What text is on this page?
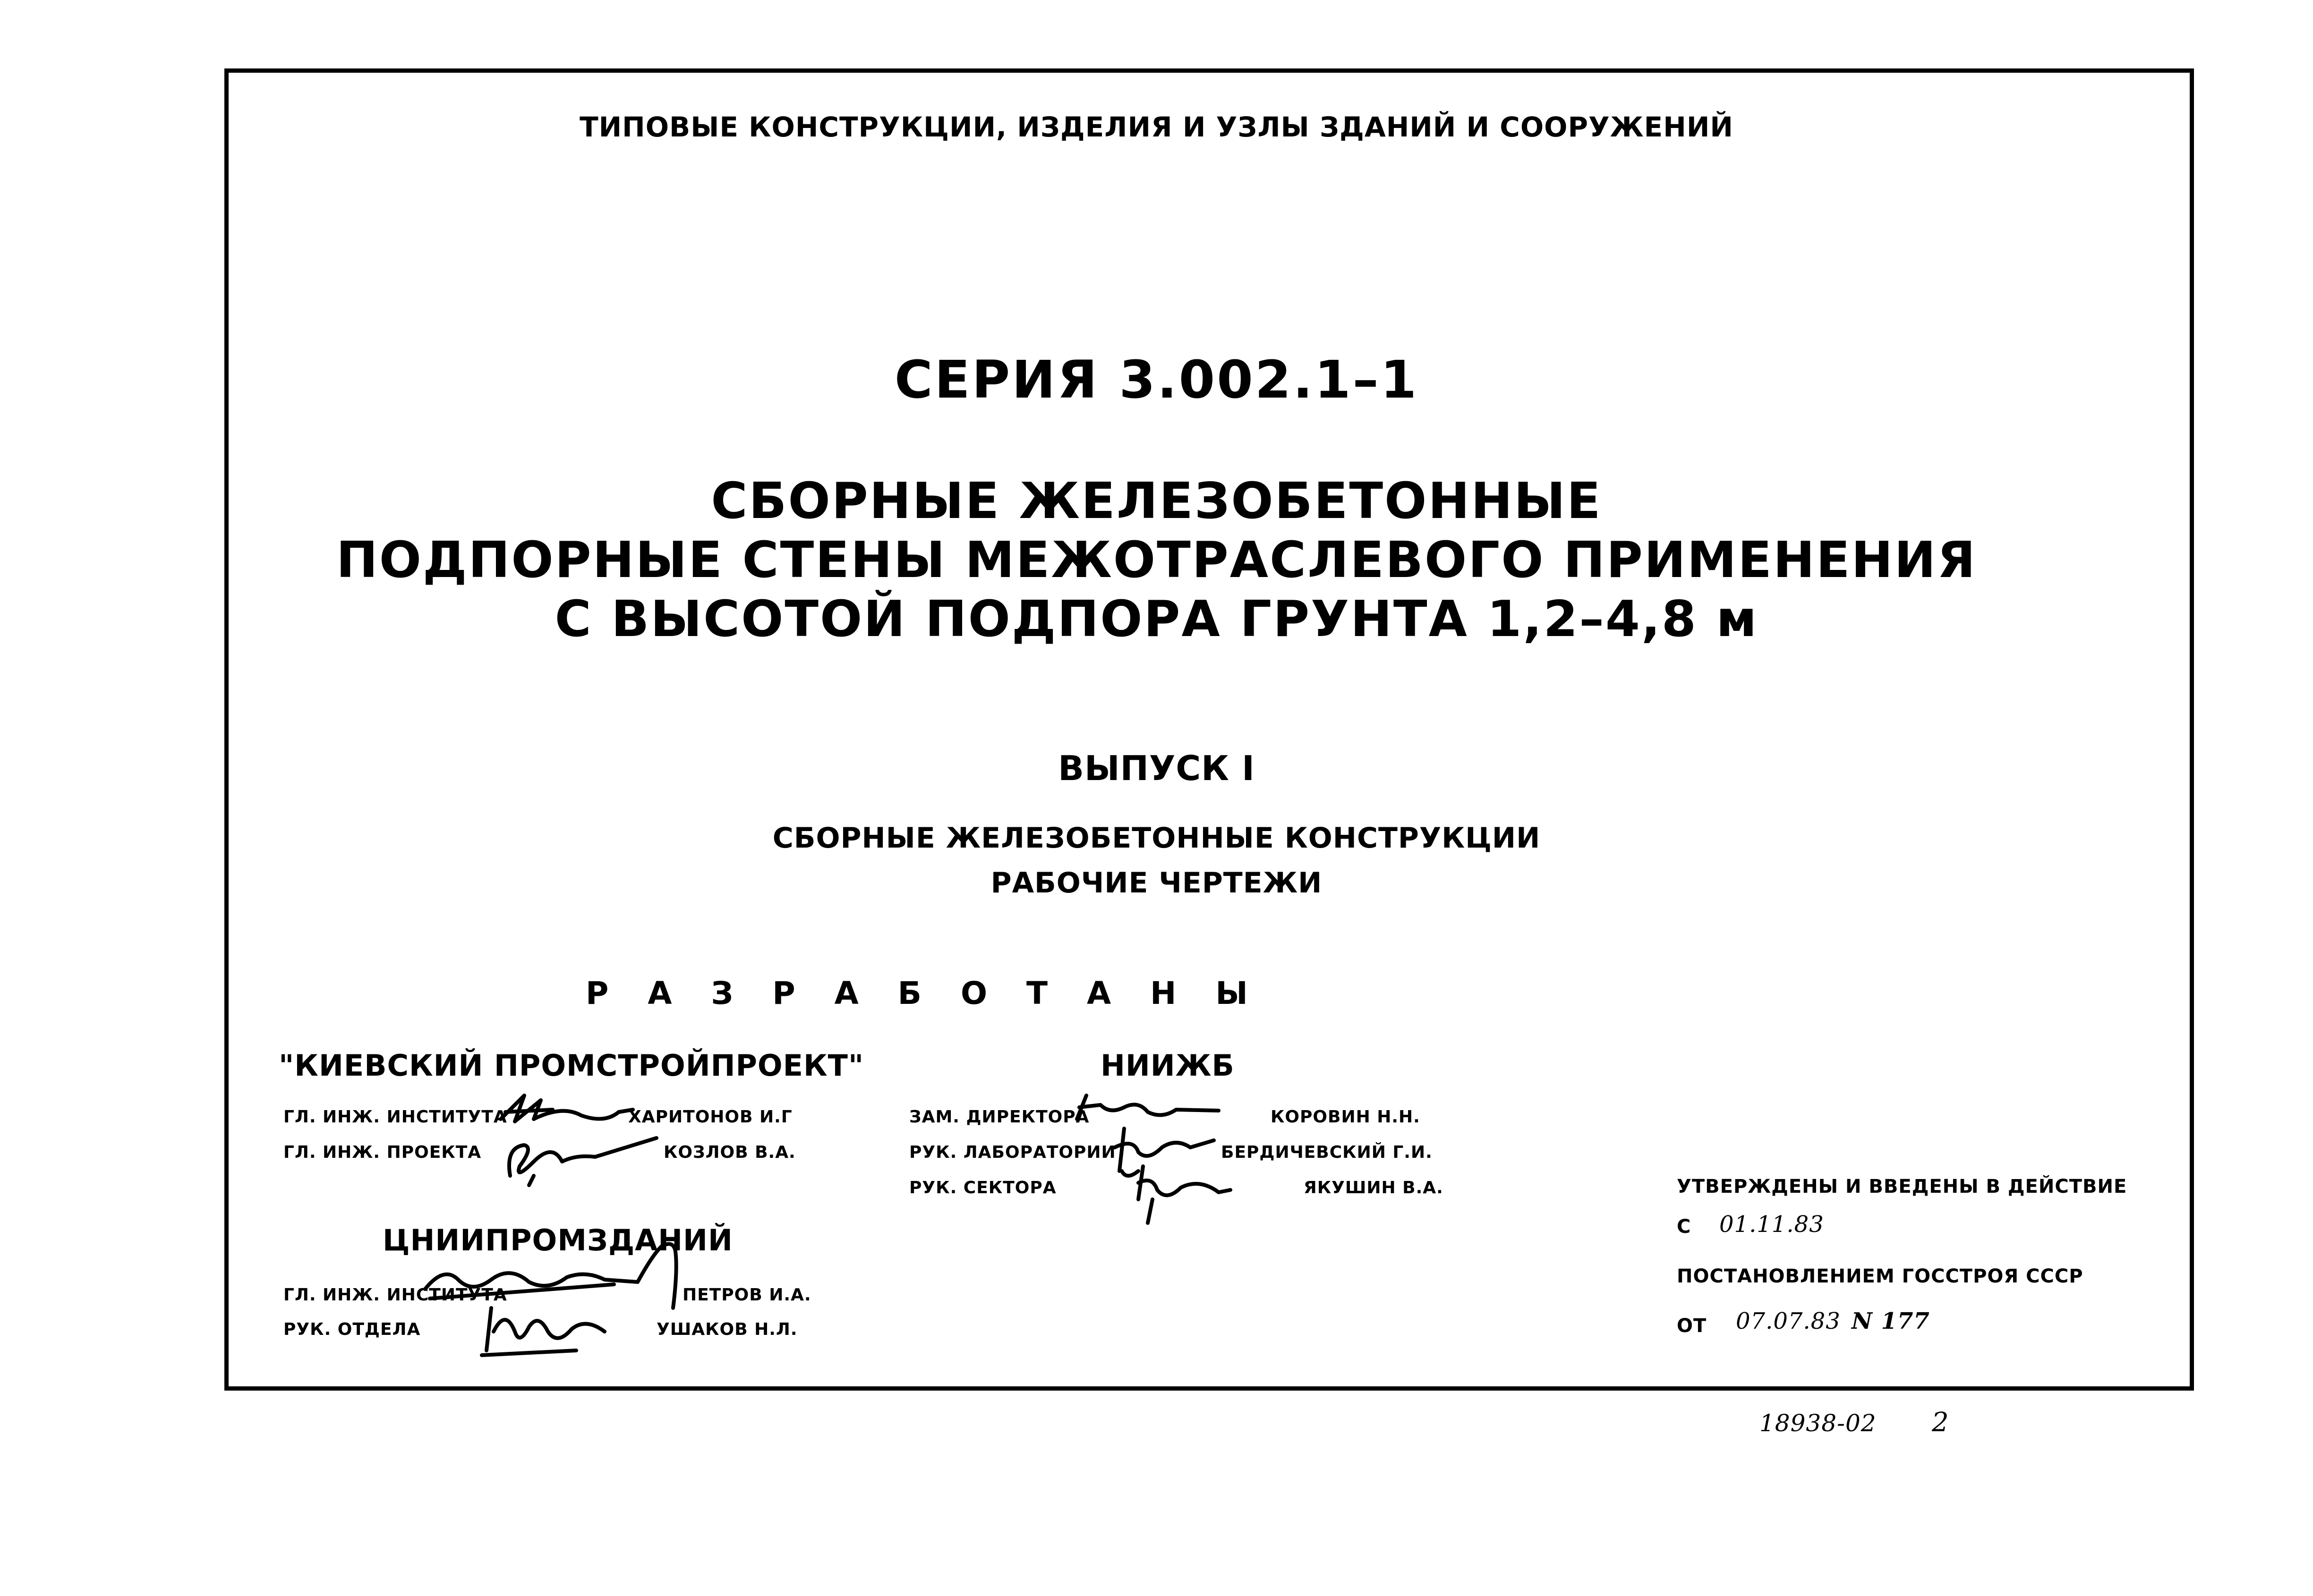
ТИПОВЫЕ КОНСТРУКЦИИ, ИЗДЕЛИЯ И УЗЛЫ ЗДАНИЙ И СООРУЖЕНИЙ
СЕРИЯ 3.002.1–1
СБОРНЫЕ ЖЕЛЕЗОБЕТОННЫЕ
ПОДПОРНЫЕ СТЕНЫ МЕЖОТРАСЛЕВОГО ПРИМЕНЕНИЯ
С ВЫСОТОЙ ПОДПОРА ГРУНТА 1,2–4,8 м
ВЫПУСК I
СБОРНЫЕ ЖЕЛЕЗОБЕТОННЫЕ КОНСТРУКЦИИ
РАБОЧИЕ ЧЕРТЕЖИ
Р А З Р А Б О Т А Н Ы
"КИЕВСКИЙ ПРОМСТРОЙПРОЕКТ"
ГЛ. ИНЖ. ИНСТИТУТА	ХАРИТОНОВ И.Г
ГЛ. ИНЖ. ПРОЕКТА	КОЗЛОВ В.А.
НИИЖБ
ЗАМ. ДИРЕКТОРА	КОРОВИН Н.Н.
РУК. ЛАБОРАТОРИИ	БЕРДИЧЕВСКИЙ Г.И.
РУК. СЕКТОРА	ЯКУШИН В.А.
ЦНИИПРОМЗДАНИЙ
ГЛ. ИНЖ. ИНСТИТУТА	ПЕТРОВ И.А.
РУК. ОТДЕЛА	УШАКОВ Н.Л.
УТВЕРЖДЕНЫ И ВВЕДЕНЫ В ДЕЙСТВИЕ
С 01.11.83
ПОСТАНОВЛЕНИЕМ ГОССТРОЯ СССР
ОТ 07.07.83 N 177
18938-02 2
